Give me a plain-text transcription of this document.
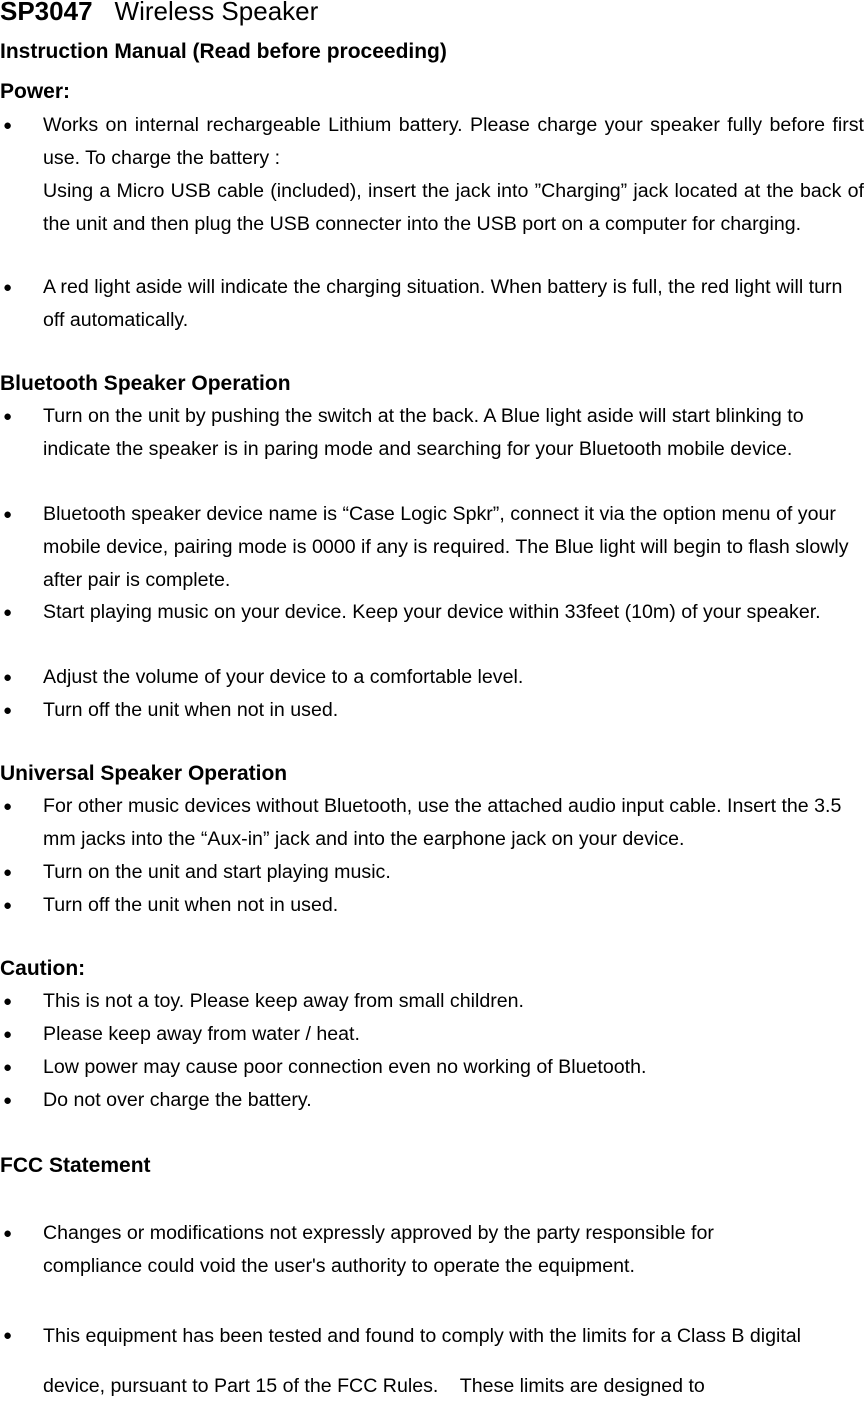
SP3047 Wireless Speaker
Instruction Manual (Read before proceeding)
Power:
● Works on internal rechargeable Lithium battery. Please charge your speaker fully before first use. To charge the battery :
Using a Micro USB cable (included), insert the jack into ”Charging” jack located at the back of the unit and then plug the USB connecter into the USB port on a computer for charging.
● A red light aside will indicate the charging situation. When battery is full, the red light will turn off automatically.
Bluetooth Speaker Operation
● Turn on the unit by pushing the switch at the back. A Blue light aside will start blinking to indicate the speaker is in paring mode and searching for your Bluetooth mobile device.
● Bluetooth speaker device name is “Case Logic Spkr”, connect it via the option menu of your mobile device, pairing mode is 0000 if any is required. The Blue light will begin to flash slowly after pair is complete.
● Start playing music on your device. Keep your device within 33feet (10m) of your speaker.
● Adjust the volume of your device to a comfortable level.
● Turn off the unit when not in used.
Universal Speaker Operation
● For other music devices without Bluetooth, use the attached audio input cable. Insert the 3.5 mm jacks into the “Aux-in” jack and into the earphone jack on your device.
● Turn on the unit and start playing music.
● Turn off the unit when not in used.
Caution:
● This is not a toy. Please keep away from small children.
● Please keep away from water / heat.
● Low power may cause poor connection even no working of Bluetooth.
● Do not over charge the battery.
FCC Statement
● Changes or modifications not expressly approved by the party responsible for compliance could void the user's authority to operate the equipment.
● This equipment has been tested and found to comply with the limits for a Class B digital device, pursuant to Part 15 of the FCC Rules.    These limits are designed to
